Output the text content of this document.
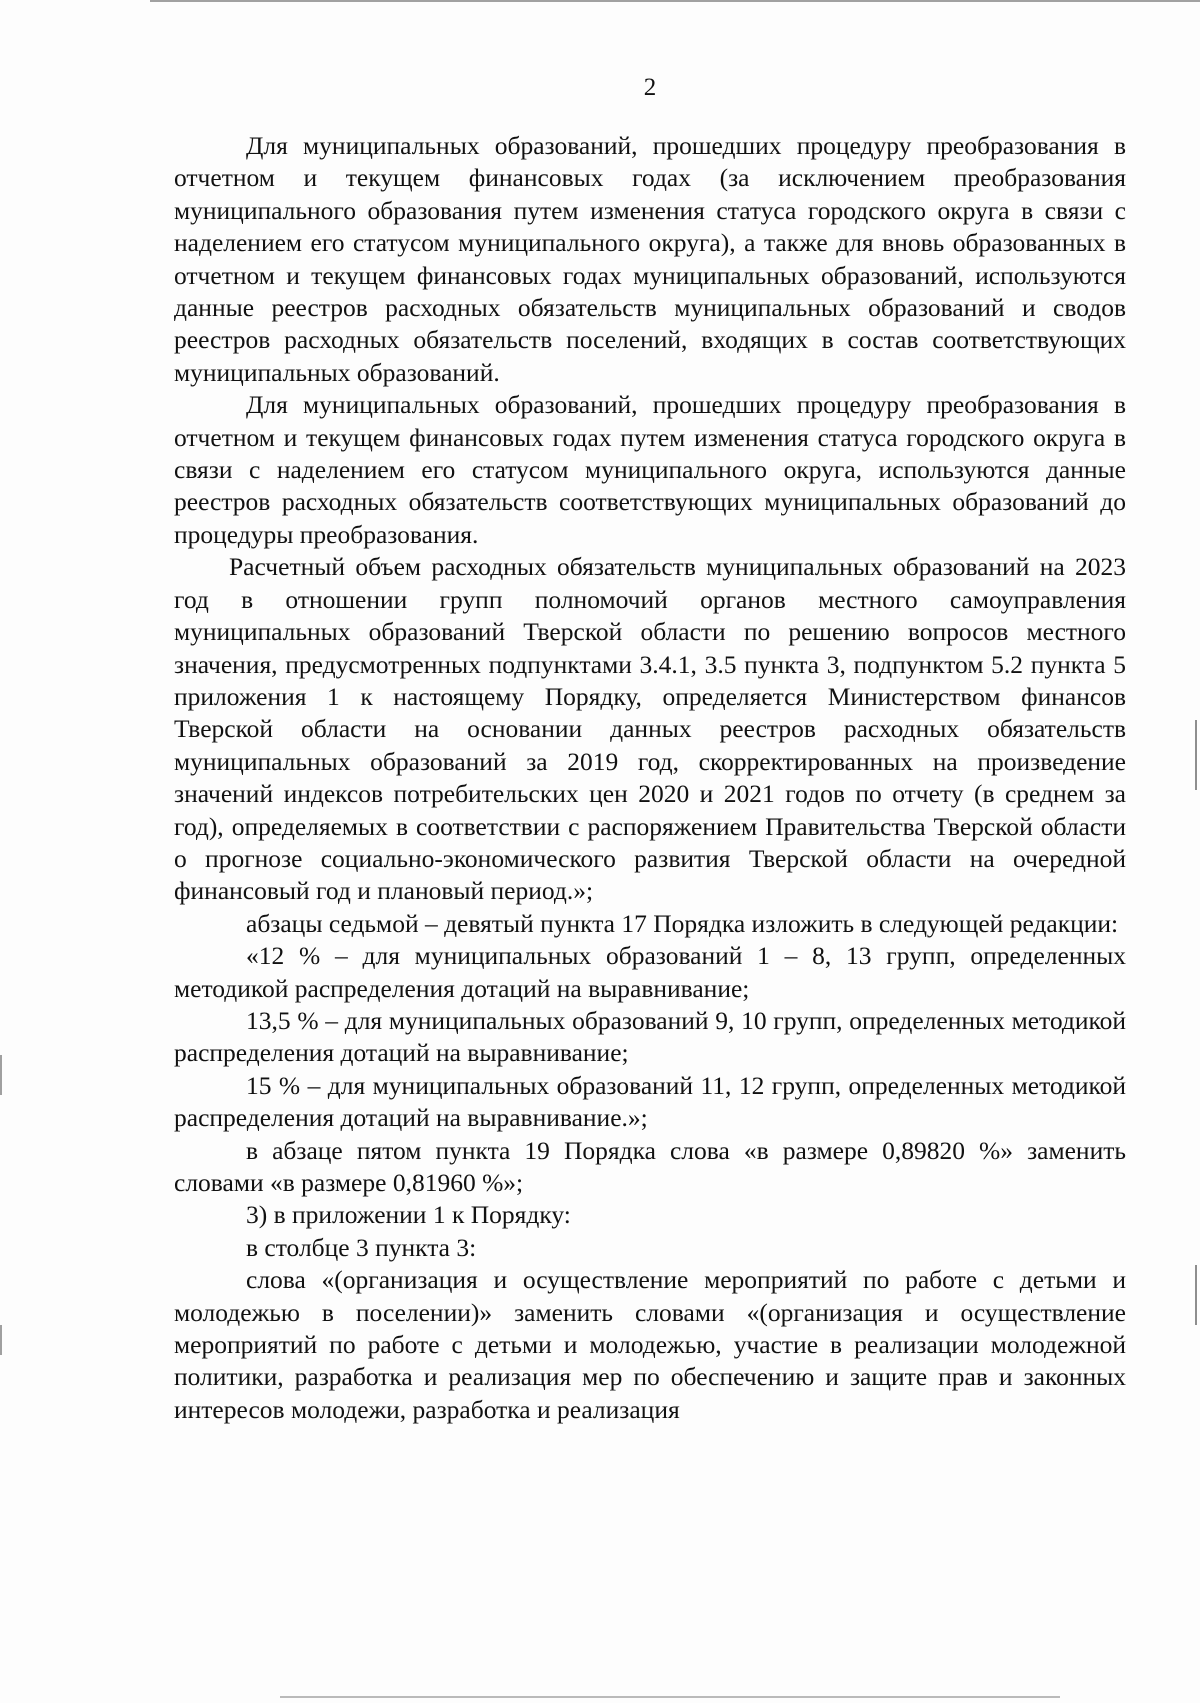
2

Для муниципальных образований, прошедших процедуру преобразования в отчетном и текущем финансовых годах (за исключением преобразования муниципального образования путем изменения статуса городского округа в связи с наделением его статусом муниципального округа), а также для вновь образованных в отчетном и текущем финансовых годах муниципальных образований, используются данные реестров расходных обязательств муниципальных образований и сводов реестров расходных обязательств поселений, входящих в состав соответствующих муниципальных образований.

Для муниципальных образований, прошедших процедуру преобразования в отчетном и текущем финансовых годах путем изменения статуса городского округа в связи с наделением его статусом муниципального округа, используются данные реестров расходных обязательств соответствующих муниципальных образований до процедуры преобразования.

Расчетный объем расходных обязательств муниципальных образований на 2023 год в отношении групп полномочий органов местного самоуправления муниципальных образований Тверской области по решению вопросов местного значения, предусмотренных подпунктами 3.4.1, 3.5 пункта 3, подпунктом 5.2 пункта 5 приложения 1 к настоящему Порядку, определяется Министерством финансов Тверской области на основании данных реестров расходных обязательств муниципальных образований за 2019 год, скорректированных на произведение значений индексов потребительских цен 2020 и 2021 годов по отчету (в среднем за год), определяемых в соответствии с распоряжением Правительства Тверской области о прогнозе социально-экономического развития Тверской области на очередной финансовый год и плановый период.»;

абзацы седьмой – девятый пункта 17 Порядка изложить в следующей редакции:

«12 % – для муниципальных образований 1 – 8, 13 групп, определенных методикой распределения дотаций на выравнивание;

13,5 % – для муниципальных образований 9, 10 групп, определенных методикой распределения дотаций на выравнивание;

15 % – для муниципальных образований 11, 12 групп, определенных методикой распределения дотаций на выравнивание.»;

в абзаце пятом пункта 19 Порядка слова «в размере 0,89820 %» заменить словами «в размере 0,81960 %»;

3) в приложении 1 к Порядку:

в столбце 3 пункта 3:

слова «(организация и осуществление мероприятий по работе с детьми и молодежью в поселении)» заменить словами «(организация и осуществление мероприятий по работе с детьми и молодежью, участие в реализации молодежной политики, разработка и реализация мер по обеспечению и защите прав и законных интересов молодежи, разработка и реализация
